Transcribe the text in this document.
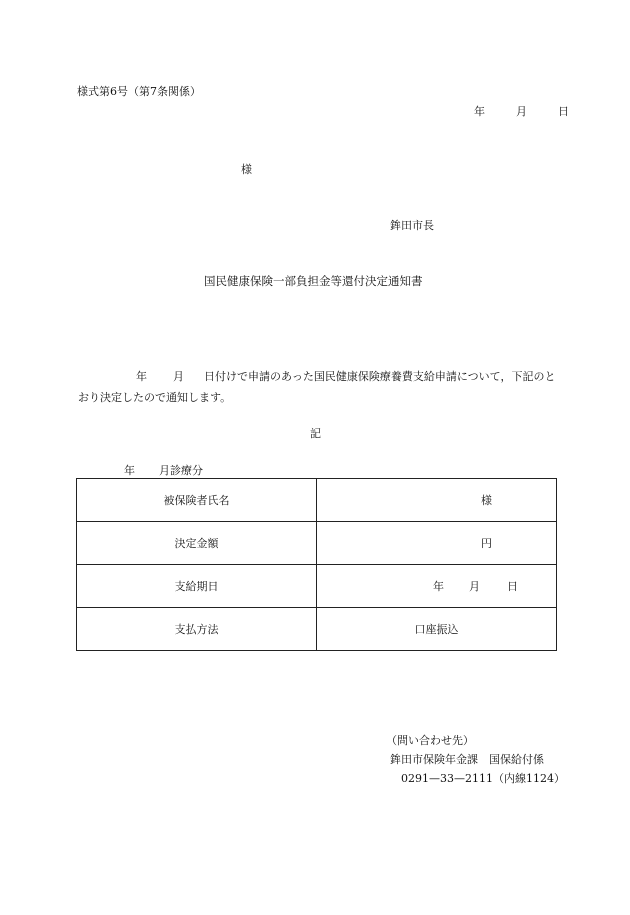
様式第6号（第7条関係）
年	月	日
様
鉾田市長
国民健康保険一部負担金等還付決定通知書
年 月 日付けで申請のあった国民健康保険療養費支給申請について，下記のとおり決定したので通知します。
記
年 月診療分
被保険者氏名	様

決定金額	円

支給期日	年 月 日

支払方法	口座振込
（問い合わせ先）
鉾田市保険年金課　国保給付係
0291—33—2111（内線1124）
